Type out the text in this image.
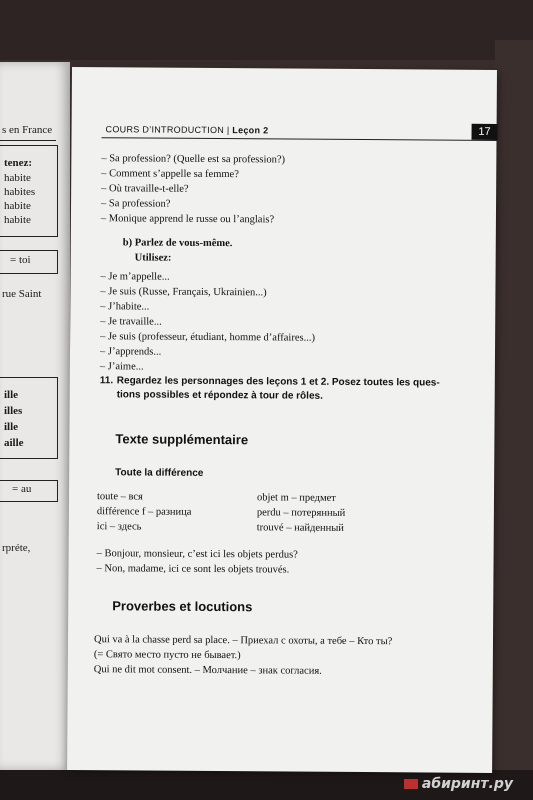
s en France
tenez:
habite
habites
habite
habite
= toi
rue Saint
ille
illes
ille
aille
= au
rpréte,
COURS D’INTRODUCTION | Leçon 2	17
– Sa profession? (Quelle est sa profession?)
– Comment s’appelle sa femme?
– Où travaille-t-elle?
– Sa profession?
– Monique apprend le russe ou l’anglais?
b) Parlez de vous-même.
Utilisez:
– Je m’appelle...
– Je suis (Russe, Français, Ukrainien...)
– J’habite...
– Je travaille...
– Je suis (professeur, étudiant, homme d’affaires...)
– J’apprends...
– J’aime...
11. Regardez les personnages des leçons 1 et 2. Posez toutes les ques-
tions possibles et répondez à tour de rôles.
Texte supplémentaire
Toute la différence
toute – вся
différence f – разница
ici – здесь
objet m – предмет
perdu – потерянный
trouvé – найденный
– Bonjour, monsieur, c’est ici les objets perdus?
– Non, madame, ici ce sont les objets trouvés.
Proverbes et locutions
Qui va à la chasse perd sa place. – Приехал с охоты, а тебе – Кто ты?
(= Свято место пусто не бывает.)
Qui ne dit mot consent. – Молчание – знак согласия.
абиринт.ру
